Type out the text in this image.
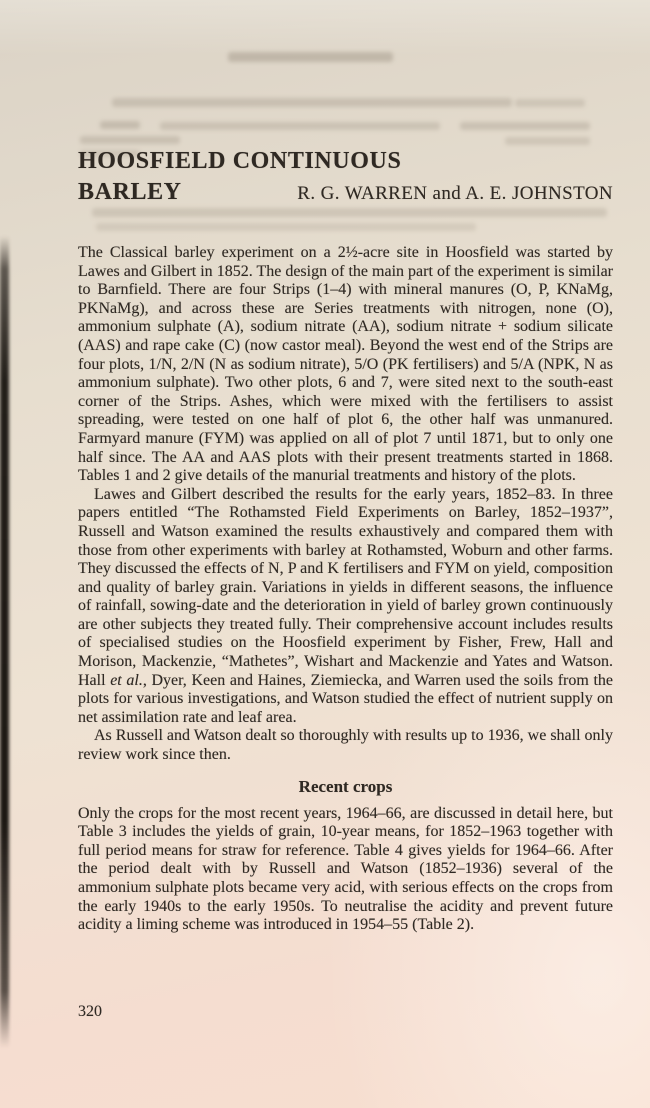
HOOSFIELD CONTINUOUS
BARLEY	R. G. WARREN and A. E. JOHNSTON

The Classical barley experiment on a 2½-acre site in Hoosfield was started by Lawes and Gilbert in 1852. The design of the main part of the experiment is similar to Barnfield. There are four Strips (1–4) with mineral manures (O, P, KNaMg, PKNaMg), and across these are Series treatments with nitrogen, none (O), ammonium sulphate (A), sodium nitrate (AA), sodium nitrate + sodium silicate (AAS) and rape cake (C) (now castor meal). Beyond the west end of the Strips are four plots, 1/N, 2/N (N as sodium nitrate), 5/O (PK fertilisers) and 5/A (NPK, N as ammonium sulphate). Two other plots, 6 and 7, were sited next to the south-east corner of the Strips. Ashes, which were mixed with the fertilisers to assist spreading, were tested on one half of plot 6, the other half was unmanured. Farmyard manure (FYM) was applied on all of plot 7 until 1871, but to only one half since. The AA and AAS plots with their present treatments started in 1868. Tables 1 and 2 give details of the manurial treatments and history of the plots.

Lawes and Gilbert described the results for the early years, 1852–83. In three papers entitled “The Rothamsted Field Experiments on Barley, 1852–1937”, Russell and Watson examined the results exhaustively and compared them with those from other experiments with barley at Rothamsted, Woburn and other farms. They discussed the effects of N, P and K fertilisers and FYM on yield, composition and quality of barley grain. Variations in yields in different seasons, the influence of rainfall, sowing-date and the deterioration in yield of barley grown continuously are other subjects they treated fully. Their comprehensive account includes results of specialised studies on the Hoosfield experiment by Fisher, Frew, Hall and Morison, Mackenzie, “Mathetes”, Wishart and Mackenzie and Yates and Watson. Hall et al., Dyer, Keen and Haines, Ziemiecka, and Warren used the soils from the plots for various investigations, and Watson studied the effect of nutrient supply on net assimilation rate and leaf area.

As Russell and Watson dealt so thoroughly with results up to 1936, we shall only review work since then.

Recent crops

Only the crops for the most recent years, 1964–66, are discussed in detail here, but Table 3 includes the yields of grain, 10-year means, for 1852–1963 together with full period means for straw for reference. Table 4 gives yields for 1964–66. After the period dealt with by Russell and Watson (1852–1936) several of the ammonium sulphate plots became very acid, with serious effects on the crops from the early 1940s to the early 1950s. To neutralise the acidity and prevent future acidity a liming scheme was introduced in 1954–55 (Table 2).

320
